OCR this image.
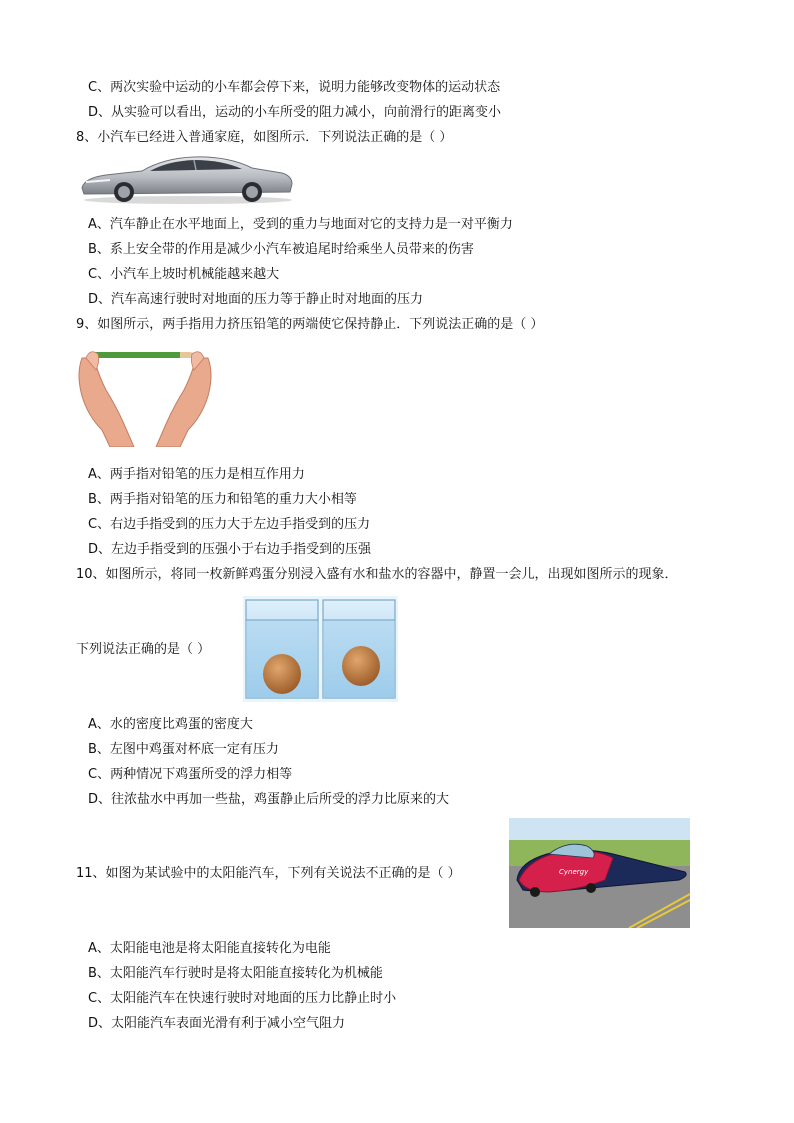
C、两次实验中运动的小车都会停下来，说明力能够改变物体的运动状态
D、从实验可以看出，运动的小车所受的阻力减小，向前滑行的距离变小
8、小汽车已经进入普通家庭，如图所示．下列说法正确的是（ ）
A、汽车静止在水平地面上，受到的重力与地面对它的支持力是一对平衡力
B、系上安全带的作用是减少小汽车被追尾时给乘坐人员带来的伤害
C、小汽车上坡时机械能越来越大
D、汽车高速行驶时对地面的压力等于静止时对地面的压力
9、如图所示，两手指用力挤压铅笔的两端使它保持静止．下列说法正确的是（ ）
A、两手指对铅笔的压力是相互作用力
B、两手指对铅笔的压力和铅笔的重力大小相等
C、右边手指受到的压力大于左边手指受到的压力
D、左边手指受到的压强小于右边手指受到的压强
10、如图所示，将同一枚新鲜鸡蛋分别浸入盛有水和盐水的容器中，静置一会儿，出现如图所示的现象．
下列说法正确的是（ ）
A、水的密度比鸡蛋的密度大
B、左图中鸡蛋对杯底一定有压力
C、两种情况下鸡蛋所受的浮力相等
D、往浓盐水中再加一些盐，鸡蛋静止后所受的浮力比原来的大
Cynergy
11、如图为某试验中的太阳能汽车，下列有关说法不正确的是（ ）
A、太阳能电池是将太阳能直接转化为电能
B、太阳能汽车行驶时是将太阳能直接转化为机械能
C、太阳能汽车在快速行驶时对地面的压力比静止时小
D、太阳能汽车表面光滑有利于减小空气阻力
